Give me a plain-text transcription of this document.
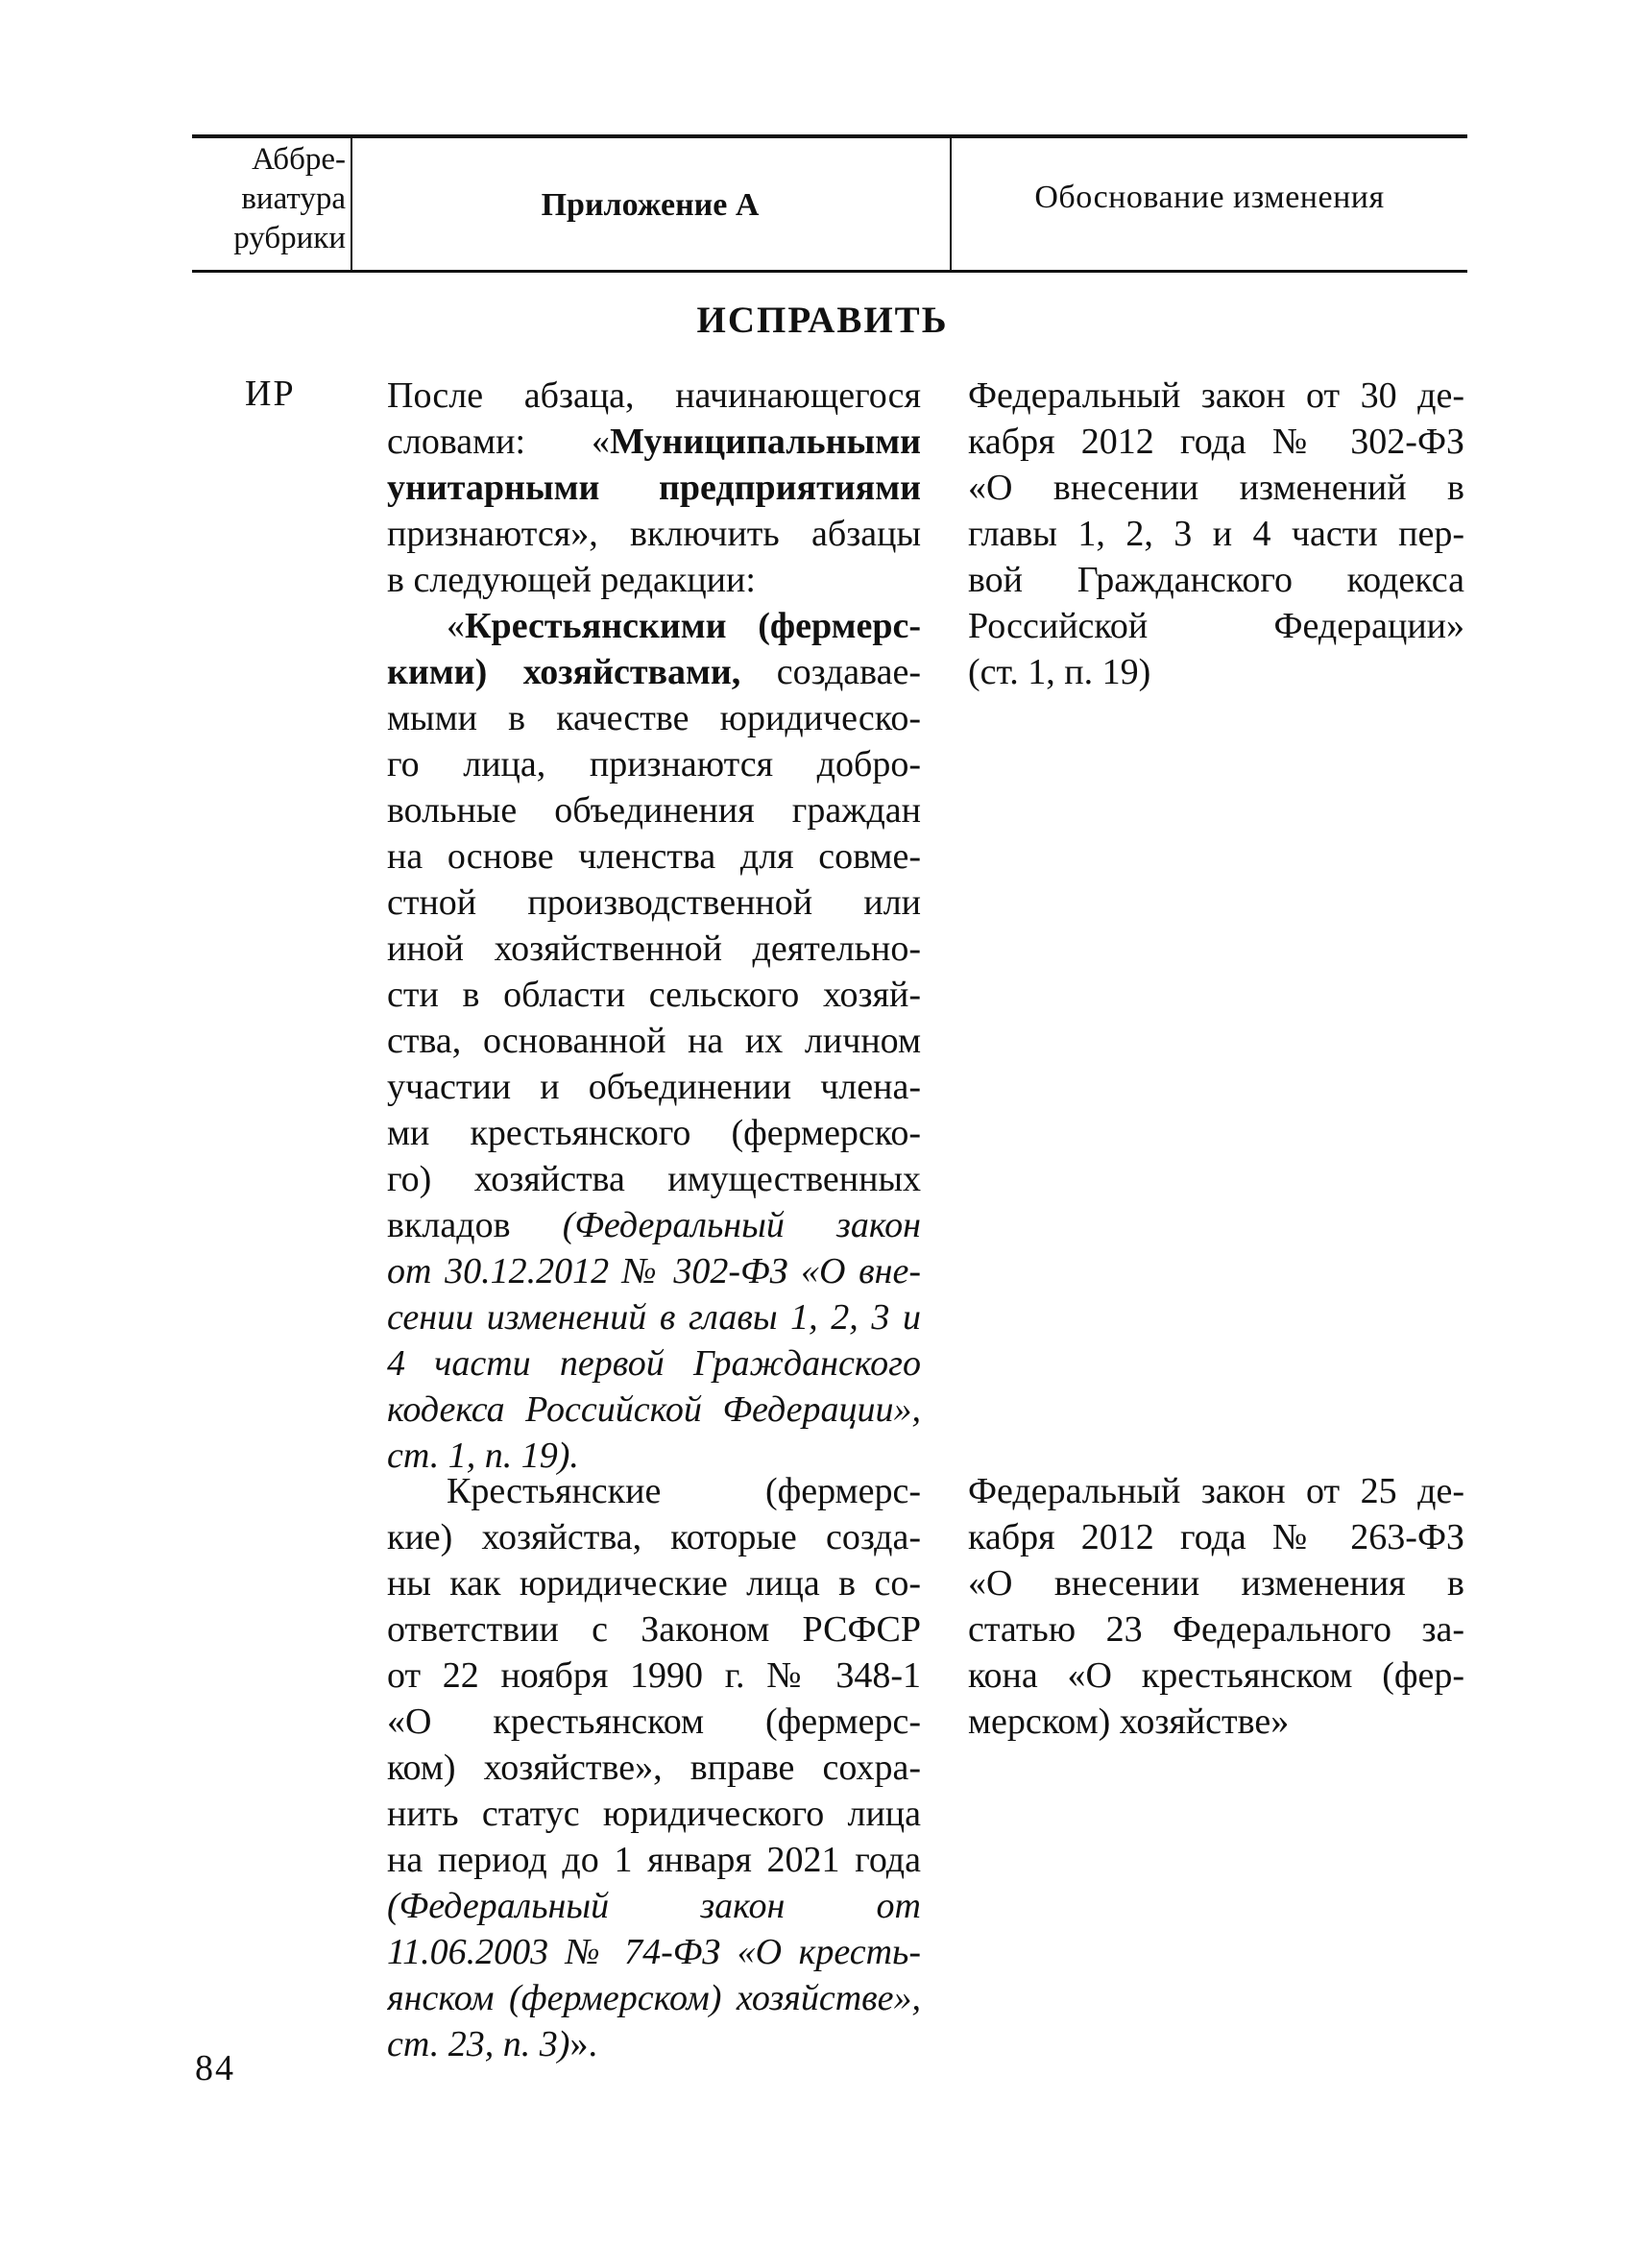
Аббре-
виатура
рубрики
Приложение А	Обоснование изменения
ИСПРАВИТЬ
ИР	После абзаца, начинающегося
словами: «Муниципальными
унитарными предприятиями
признаются», включить абзацы
в следующей редакции:
«Крестьянскими (фермерс-
кими) хозяйствами, создавае-
мыми в качестве юридическо-
го лица, признаются добро-
вольные объединения граждан
на основе членства для совме-
стной производственной или
иной хозяйственной деятельно-
сти в области сельского хозяй-
ства, основанной на их личном
участии и объединении члена-
ми крестьянского (фермерско-
го) хозяйства имущественных
вкладов (Федеральный закон
от 30.12.2012 № 302-ФЗ «О вне-
сении изменений в главы 1, 2, 3 и
4 части первой Гражданского
кодекса Российской Федерации»,
ст. 1, п. 19).
Федеральный закон от 30 де-
кабря 2012 года № 302-ФЗ
«О внесении изменений в
главы 1, 2, 3 и 4 части пер-
вой Гражданского кодекса
Российской Федерации»
(ст. 1, п. 19)
Крестьянские (фермерс-
кие) хозяйства, которые созда-
ны как юридические лица в со-
ответствии с Законом РСФСР
от 22 ноября 1990 г. № 348-1
«О крестьянском (фермерс-
ком) хозяйстве», вправе сохра-
нить статус юридического лица
на период до 1 января 2021 года
(Федеральный закон от
11.06.2003 № 74-ФЗ «О кресть-
янском (фермерском) хозяйстве»,
ст. 23, п. 3)».
Федеральный закон от 25 де-
кабря 2012 года № 263-ФЗ
«О внесении изменения в
статью 23 Федерального за-
кона «О крестьянском (фер-
мерском) хозяйстве»
84
